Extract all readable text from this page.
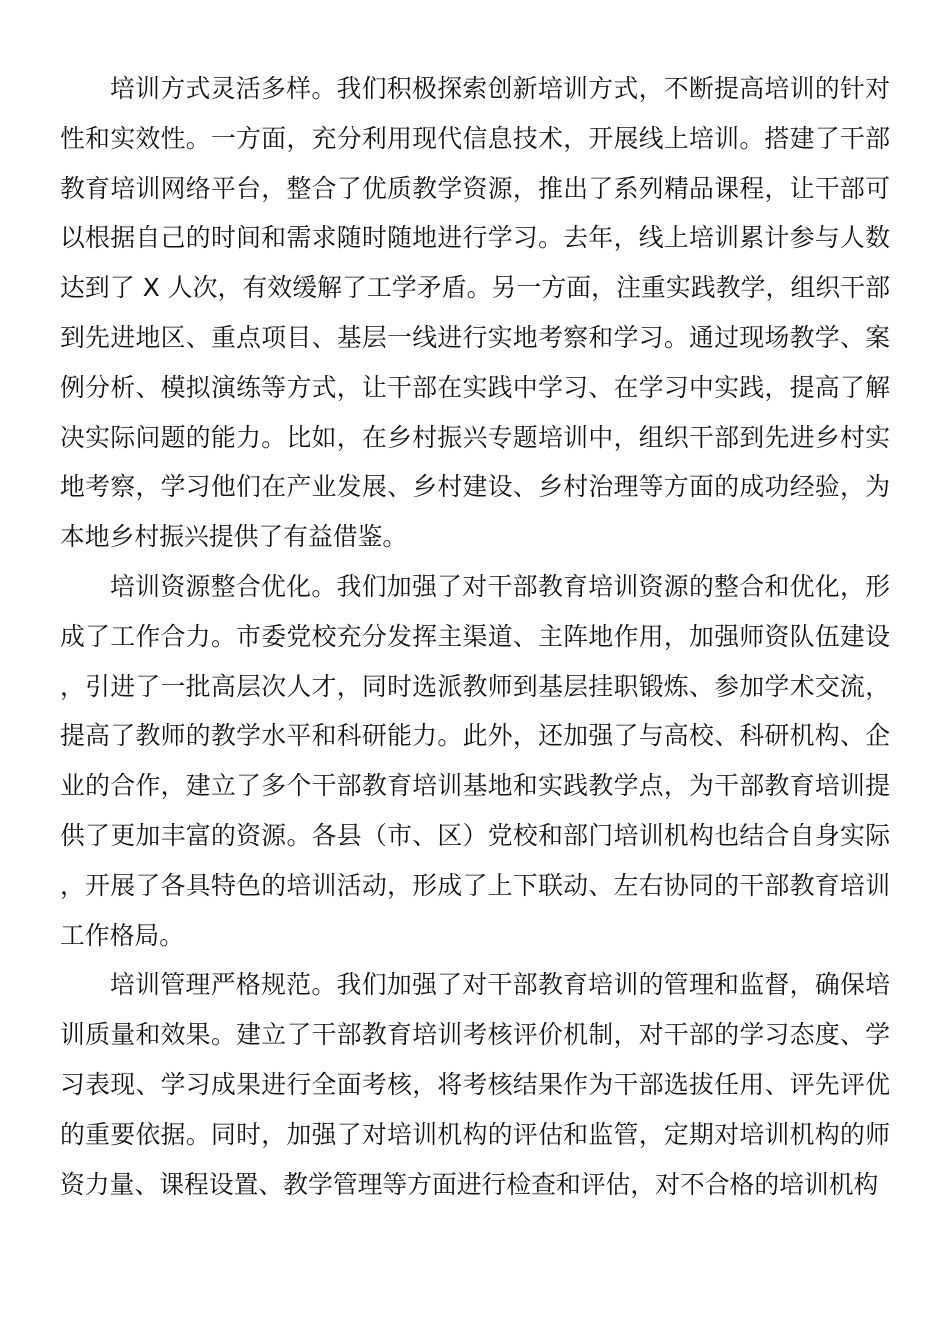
培训方式灵活多样。我们积极探索创新培训方式，不断提高培训的针对性和实效性。一方面，充分利用现代信息技术，开展线上培训。搭建了干部教育培训网络平台，整合了优质教学资源，推出了系列精品课程，让干部可以根据自己的时间和需求随时随地进行学习。去年，线上培训累计参与人数达到了 X 人次，有效缓解了工学矛盾。另一方面，注重实践教学，组织干部到先进地区、重点项目、基层一线进行实地考察和学习。通过现场教学、案例分析、模拟演练等方式，让干部在实践中学习、在学习中实践，提高了解决实际问题的能力。比如，在乡村振兴专题培训中，组织干部到先进乡村实地考察，学习他们在产业发展、乡村建设、乡村治理等方面的成功经验，为本地乡村振兴提供了有益借鉴。

培训资源整合优化。我们加强了对干部教育培训资源的整合和优化，形成了工作合力。市委党校充分发挥主渠道、主阵地作用，加强师资队伍建设，引进了一批高层次人才，同时选派教师到基层挂职锻炼、参加学术交流，提高了教师的教学水平和科研能力。此外，还加强了与高校、科研机构、企业的合作，建立了多个干部教育培训基地和实践教学点，为干部教育培训提供了更加丰富的资源。各县（市、区）党校和部门培训机构也结合自身实际，开展了各具特色的培训活动，形成了上下联动、左右协同的干部教育培训工作格局。

培训管理严格规范。我们加强了对干部教育培训的管理和监督，确保培训质量和效果。建立了干部教育培训考核评价机制，对干部的学习态度、学习表现、学习成果进行全面考核，将考核结果作为干部选拔任用、评先评优的重要依据。同时，加强了对培训机构的评估和监管，定期对培训机构的师资力量、课程设置、教学管理等方面进行检查和评估，对不合格的培训机构
